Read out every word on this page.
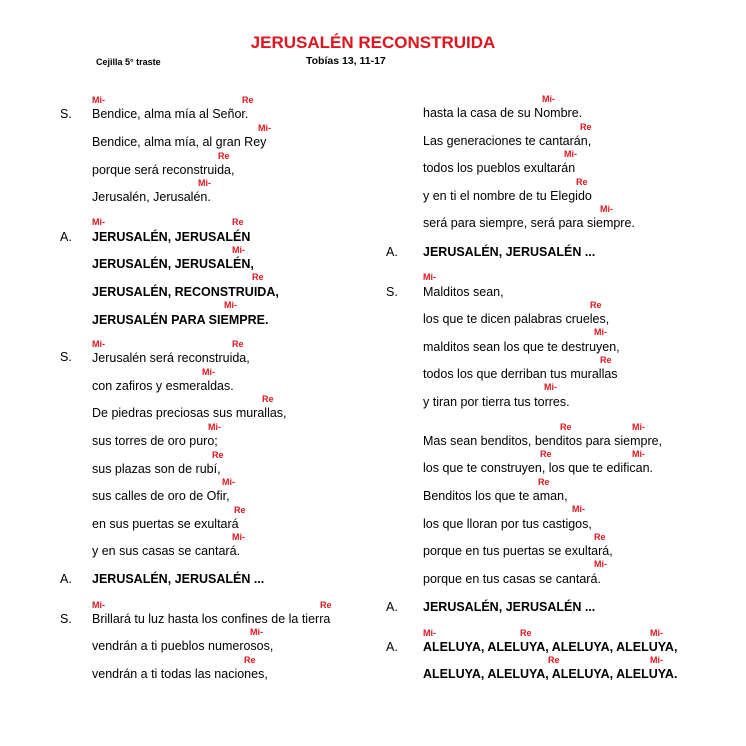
JERUSALÉN RECONSTRUIDA
Cejilla 5° traste	Tobías 13, 11-17
S.
Mi-	Re
Bendice, alma mía al Señor.
Mi-
Bendice, alma mía, al gran Rey
Re
porque será reconstruida,
Mi-
Jerusalén, Jerusalén.
A.
Mi-	Re
JERUSALÉN, JERUSALÉN
Mi-
JERUSALÉN, JERUSALÉN,
Re
JERUSALÉN, RECONSTRUIDA,
Mi-
JERUSALÉN PARA SIEMPRE.
S.
Mi-	Re
Jerusalén será reconstruida,
Mi-
con zafiros y esmeraldas.
Re
De piedras preciosas sus murallas,
Mi-
sus torres de oro puro;
Re
sus plazas son de rubí,
Mi-
sus calles de oro de Ofir,
Re
en sus puertas se exultará
Mi-
y en sus casas se cantará.
A. JERUSALÉN, JERUSALÉN ...
S.
Mi-	Re
Brillará tu luz hasta los confines de la tierra
Mi-
vendrán a ti pueblos numerosos,
Re
vendrán a ti todas las naciones,
Mi-
hasta la casa de su Nombre.
Re
Las generaciones te cantarán,
Mi-
todos los pueblos exultarán
Re
y en ti el nombre de tu Elegido
Mi-
será para siempre, será para siempre.
A. JERUSALÉN, JERUSALÉN ...
S.
Mi-
Malditos sean,
Re
los que te dicen palabras crueles,
Mi-
malditos sean los que te destruyen,
Re
todos los que derriban tus murallas
Mi-
y tiran por tierra tus torres.
Re	Mi-
Mas sean benditos, benditos para siempre,
Re	Mi-
los que te construyen, los que te edifican.
Re
Benditos los que te aman,
Mi-
los que lloran por tus castigos,
Re
porque en tus puertas se exultará,
Mi-
porque en tus casas se cantará.
A. JERUSALÉN, JERUSALÉN ...
A.
Mi-	Re	Mi-
ALELUYA, ALELUYA, ALELUYA, ALELUYA,
Re	Mi-
ALELUYA, ALELUYA, ALELUYA, ALELUYA.
